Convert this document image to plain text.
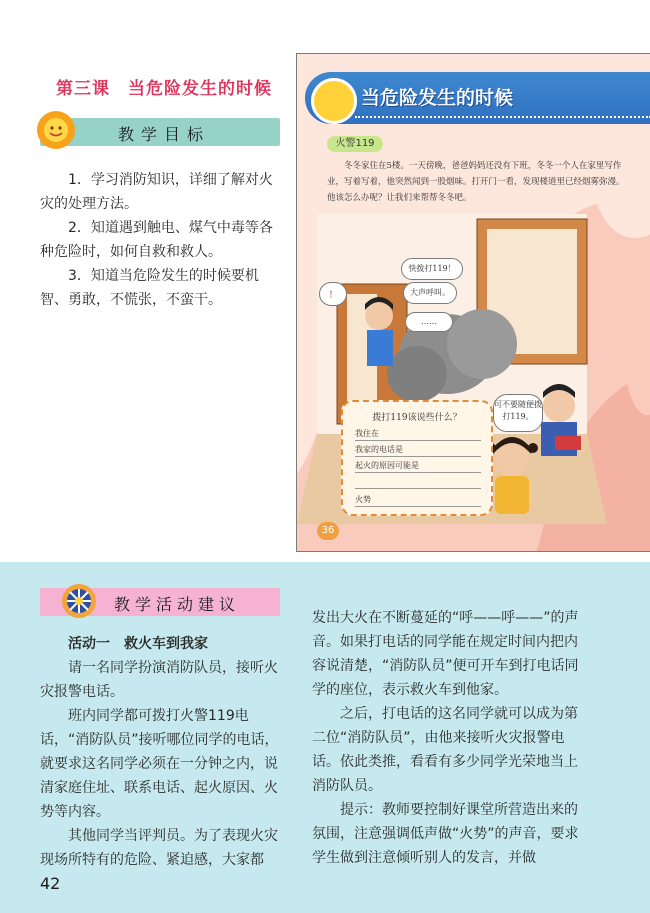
第三课　当危险发生的时候
教学目标

1．学习消防知识，详细了解对火灾的处理方法。

2．知道遇到触电、煤气中毒等各种危险时，如何自救和救人。

3．知道当危险发生的时候要机智、勇敢，不慌张，不蛮干。

当危险发生的时候
火警119
冬冬家住在5楼。一天傍晚，爸爸妈妈还没有下班，冬冬一个人在家里写作业，写着写着，他突然闻到一股烟味。打开门一看，发现楼道里已经烟雾弥漫。他该怎么办呢？让我们来帮帮冬冬吧。
快拨打119！
大声呼叫。
！
……
可不要随便拨打119。
拨打119该说些什么？
我住在
我家的电话是
起火的原因可能是
火势
36
教学活动建议

活动一　救火车到我家

请一名同学扮演消防队员，接听火灾报警电话。

班内同学都可拨打火警119电话，“消防队员”接听哪位同学的电话，就要求这名同学必须在一分钟之内，说清家庭住址、联系电话、起火原因、火势等内容。

其他同学当评判员。为了表现火灾现场所特有的危险、紧迫感，大家都

发出大火在不断蔓延的“呼——呼——”的声音。如果打电话的同学能在规定时间内把内容说清楚，“消防队员”便可开车到打电话同学的座位，表示救火车到他家。

之后，打电话的这名同学就可以成为第二位“消防队员”，由他来接听火灾报警电话。依此类推，看看有多少同学光荣地当上消防队员。

提示：教师要控制好课堂所营造出来的氛围，注意强调低声做“火势”的声音，要求学生做到注意倾听别人的发言，并做

42
